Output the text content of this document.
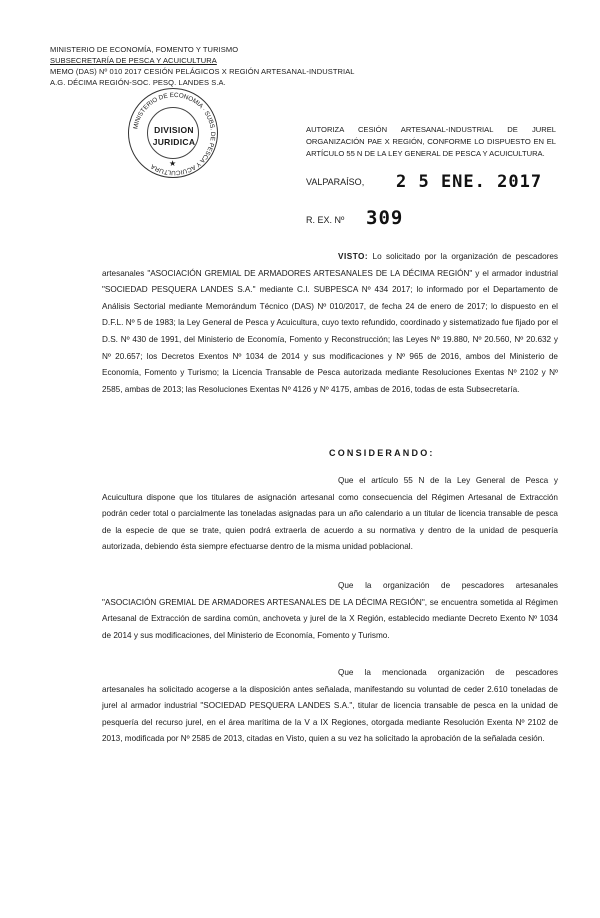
MINISTERIO DE ECONOMÍA, FOMENTO Y TURISMO
SUBSECRETARÍA DE PESCA Y ACUICULTURA
MEMO (DAS) Nº 010 2017 CESIÓN PELÁGICOS X REGIÓN ARTESANAL-INDUSTRIAL
A.G. DÉCIMA REGIÓN-SOC. PESQ. LANDES S.A.
MINISTERIO DE ECONOMIA · SUBS. DE PESCA Y ACUICULTURA
DIVISION
JURIDICA
★
AUTORIZA CESIÓN ARTESANAL-INDUSTRIAL DE JUREL ORGANIZACIÓN PAE X REGIÓN, CONFORME LO DISPUESTO EN EL ARTÍCULO 55 N DE LA LEY GENERAL DE PESCA Y ACUICULTURA.
VALPARAÍSO, 2 5 ENE. 2017
R. EX. Nº 309
VISTO: Lo solicitado por la organización de pescadores artesanales "ASOCIACIÓN GREMIAL DE ARMADORES ARTESANALES DE LA DÉCIMA REGIÓN" y el armador industrial "SOCIEDAD PESQUERA LANDES S.A." mediante C.I. SUBPESCA Nº 434 2017; lo informado por el Departamento de Análisis Sectorial mediante Memorándum Técnico (DAS) Nº 010/2017, de fecha 24 de enero de 2017; lo dispuesto en el D.F.L. Nº 5 de 1983; la Ley General de Pesca y Acuicultura, cuyo texto refundido, coordinado y sistematizado fue fijado por el D.S. Nº 430 de 1991, del Ministerio de Economía, Fomento y Reconstrucción; las Leyes Nº 19.880, Nº 20.560, Nº 20.632 y Nº 20.657; los Decretos Exentos Nº 1034 de 2014 y sus modificaciones y Nº 965 de 2016, ambos del Ministerio de Economía, Fomento y Turismo; la Licencia Transable de Pesca autorizada mediante Resoluciones Exentas Nº 2102 y Nº 2585, ambas de 2013; las Resoluciones Exentas Nº 4126 y Nº 4175, ambas de 2016, todas de esta Subsecretaría.
CONSIDERANDO:
Que el artículo 55 N de la Ley General de Pesca y Acuicultura dispone que los titulares de asignación artesanal como consecuencia del Régimen Artesanal de Extracción podrán ceder total o parcialmente las toneladas asignadas para un año calendario a un titular de licencia transable de pesca de la especie de que se trate, quien podrá extraerla de acuerdo a su normativa y dentro de la unidad de pesquería autorizada, debiendo ésta siempre efectuarse dentro de la misma unidad poblacional.
Que la organización de pescadores artesanales "ASOCIACIÓN GREMIAL DE ARMADORES ARTESANALES DE LA DÉCIMA REGIÓN", se encuentra sometida al Régimen Artesanal de Extracción de sardina común, anchoveta y jurel de la X Región, establecido mediante Decreto Exento Nº 1034 de 2014 y sus modificaciones, del Ministerio de Economía, Fomento y Turismo.
Que la mencionada organización de pescadores artesanales ha solicitado acogerse a la disposición antes señalada, manifestando su voluntad de ceder 2.610 toneladas de jurel al armador industrial "SOCIEDAD PESQUERA LANDES S.A.", titular de licencia transable de pesca en la unidad de pesquería del recurso jurel, en el área marítima de la V a IX Regiones, otorgada mediante Resolución Exenta Nº 2102 de 2013, modificada por Nº 2585 de 2013, citadas en Visto, quien a su vez ha solicitado la aprobación de la señalada cesión.
